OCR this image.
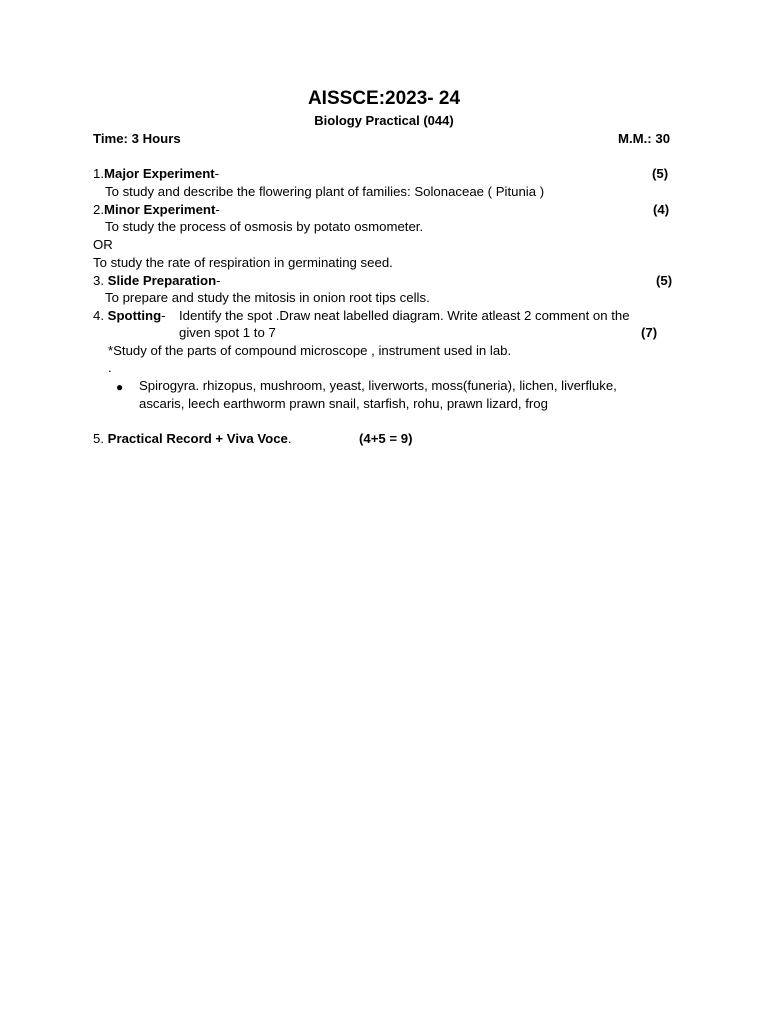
AISSCE:2023- 24
Biology Practical (044)
Time: 3 Hours	M.M.: 30
1.Major Experiment-	(5)
To study and describe the flowering plant of families: Solonaceae ( Pitunia )
2.Minor Experiment-	(4)
To study the process of osmosis by potato osmometer.
OR
To study the rate of respiration in germinating seed.
3. Slide Preparation-	(5)
To prepare and study the mitosis in onion root tips cells.
4. Spotting- Identify the spot .Draw neat labelled diagram. Write atleast 2 comment on the
given spot 1 to 7	(7)
*Study of the parts of compound microscope , instrument used in lab.
.
● Spirogyra. rhizopus, mushroom, yeast, liverworts, moss(funeria), lichen, liverfluke,
ascaris, leech earthworm prawn snail, starfish, rohu, prawn lizard, frog
5. Practical Record + Viva Voce.	(4+5 = 9)
